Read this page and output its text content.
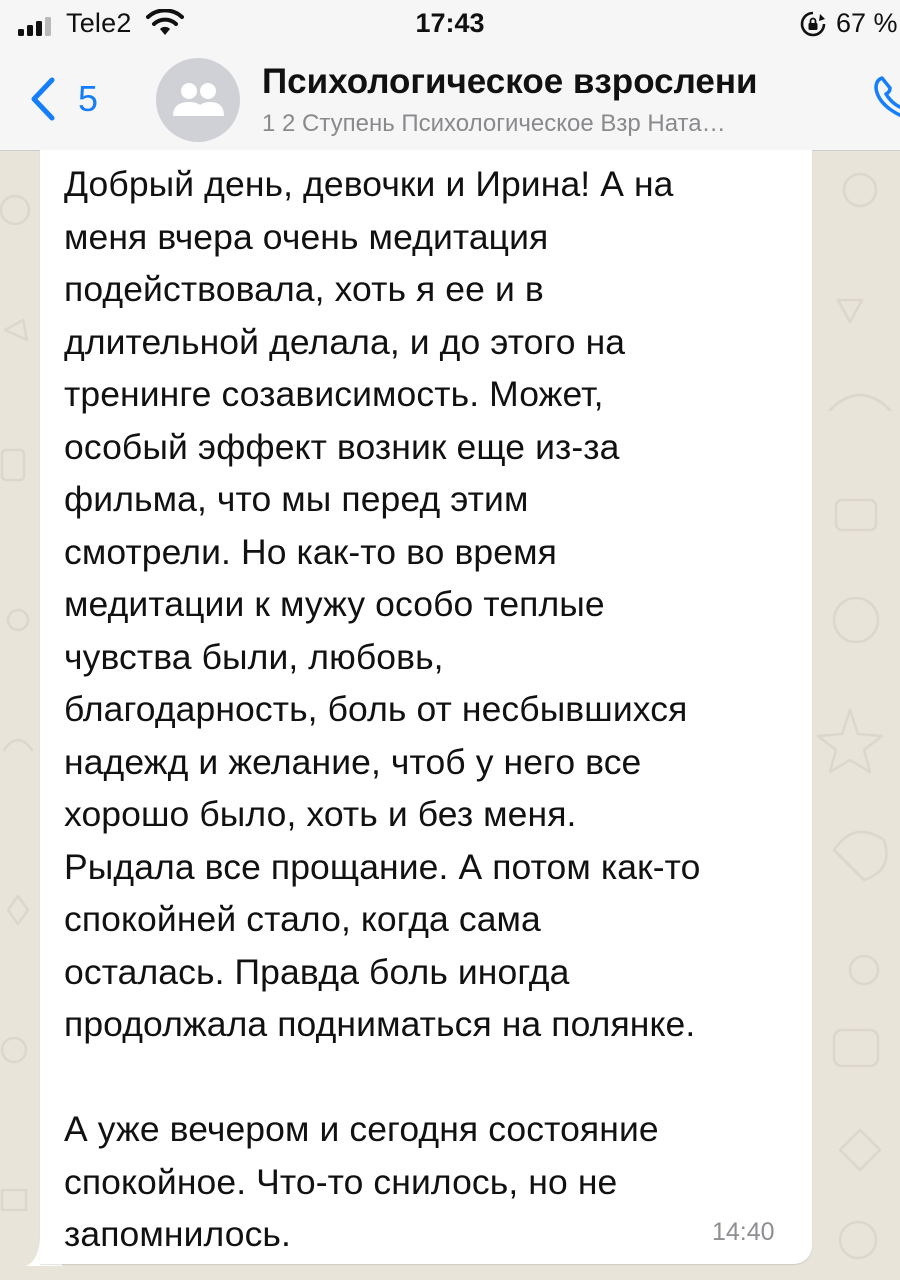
Tele2	17:43	67 %
5	Психологическое взрослени
1 2 Ступень Психологическое Взр Ната…
Добрый день, девочки и Ирина! А на
меня вчера очень медитация
подействовала, хоть я ее и в
длительной делала, и до этого на
тренинге созависимость. Может,
особый эффект возник еще из-за
фильма, что мы перед этим
смотрели. Но как-то во время
медитации к мужу особо теплые
чувства были, любовь,
благодарность, боль от несбывшихся
надежд и желание, чтоб у него все
хорошо было, хоть и без меня.
Рыдала все прощание. А потом как-то
спокойней стало, когда сама
осталась. Правда боль иногда
продолжала подниматься на полянке.

А уже вечером и сегодня состояние
спокойное. Что-то снилось, но не
запомнилось.	14:40
